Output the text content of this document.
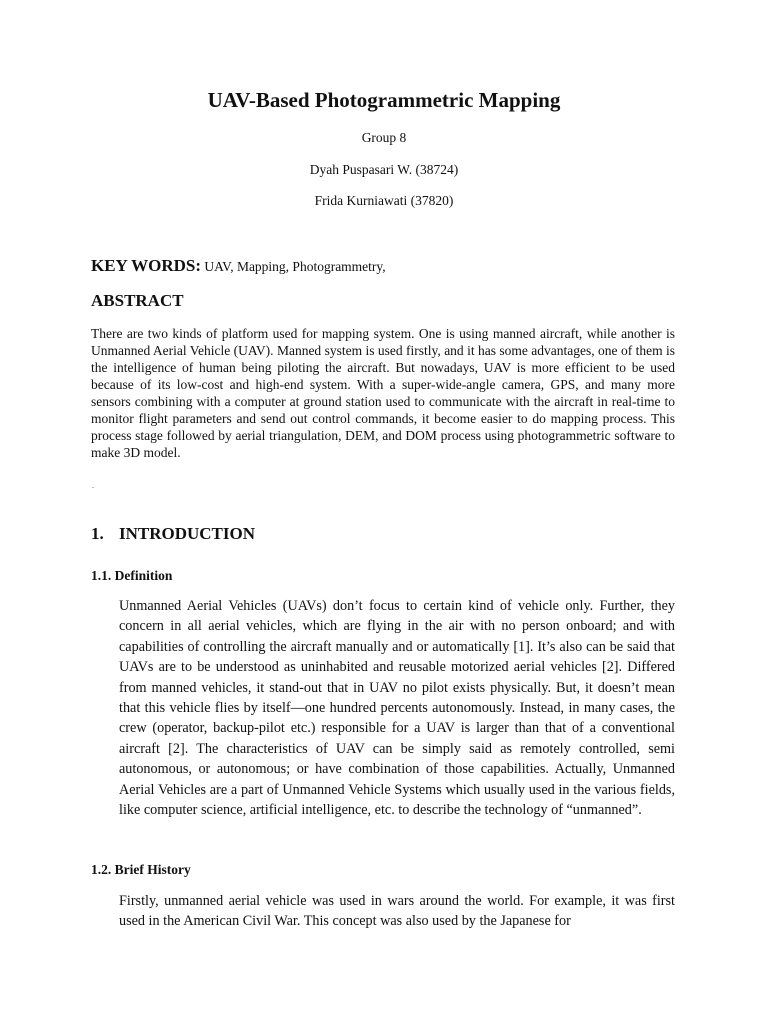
UAV-Based Photogrammetric Mapping
Group 8
Dyah Puspasari W. (38724)
Frida Kurniawati (37820)
KEY WORDS: UAV, Mapping, Photogrammetry,
ABSTRACT

There are two kinds of platform used for mapping system. One is using manned aircraft, while another is Unmanned Aerial Vehicle (UAV). Manned system is used firstly, and it has some advantages, one of them is the intelligence of human being piloting the aircraft. But nowadays, UAV is more efficient to be used because of its low-cost and high-end system. With a super-wide-angle camera, GPS, and many more sensors combining with a computer at ground station used to communicate with the aircraft in real-time to monitor flight parameters and send out control commands, it become easier to do mapping process. This process stage followed by aerial triangulation, DEM, and DOM process using photogrammetric software to make 3D model.

.
1. INTRODUCTION
1.1. Definition

Unmanned Aerial Vehicles (UAVs) don’t focus to certain kind of vehicle only. Further, they concern in all aerial vehicles, which are flying in the air with no person onboard; and with capabilities of controlling the aircraft manually and or automatically [1]. It’s also can be said that UAVs are to be understood as uninhabited and reusable motorized aerial vehicles [2]. Differed from manned vehicles, it stand-out that in UAV no pilot exists physically. But, it doesn’t mean that this vehicle flies by itself—one hundred percents autonomously. Instead, in many cases, the crew (operator, backup-pilot etc.) responsible for a UAV is larger than that of a conventional aircraft [2]. The characteristics of UAV can be simply said as remotely controlled, semi autonomous, or autonomous; or have combination of those capabilities. Actually, Unmanned Aerial Vehicles are a part of Unmanned Vehicle Systems which usually used in the various fields, like computer science, artificial intelligence, etc. to describe the technology of “unmanned”.

1.2. Brief History

Firstly, unmanned aerial vehicle was used in wars around the world. For example, it was first used in the American Civil War. This concept was also used by the Japanese for
